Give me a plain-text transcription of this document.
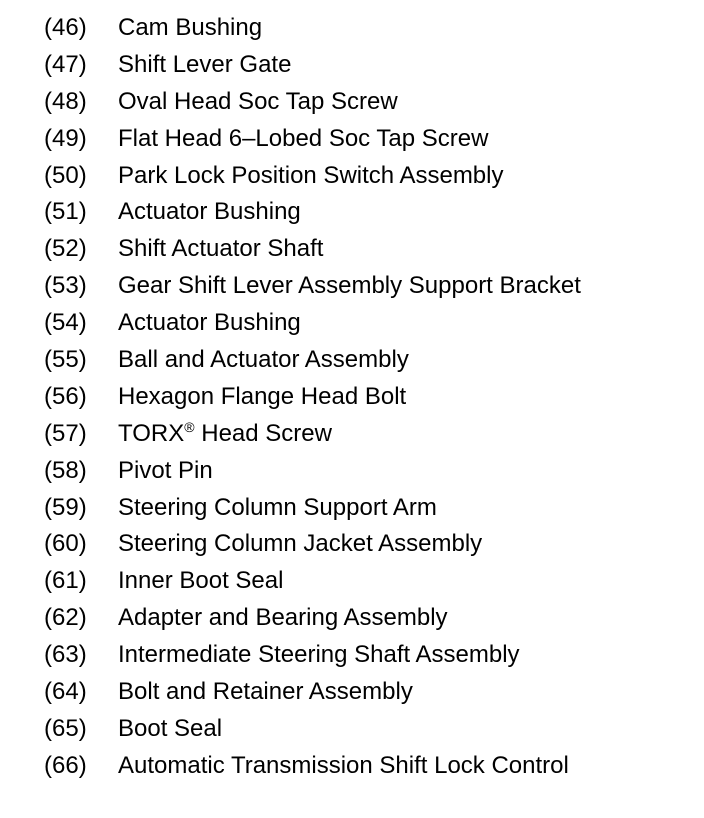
(46)	Cam Bushing
(47)	Shift Lever Gate
(48)	Oval Head Soc Tap Screw
(49)	Flat Head 6–Lobed Soc Tap Screw
(50)	Park Lock Position Switch Assembly
(51)	Actuator Bushing
(52)	Shift Actuator Shaft
(53)	Gear Shift Lever Assembly Support Bracket
(54)	Actuator Bushing
(55)	Ball and Actuator Assembly
(56)	Hexagon Flange Head Bolt
(57)	TORX® Head Screw
(58)	Pivot Pin
(59)	Steering Column Support Arm
(60)	Steering Column Jacket Assembly
(61)	Inner Boot Seal
(62)	Adapter and Bearing Assembly
(63)	Intermediate Steering Shaft Assembly
(64)	Bolt and Retainer Assembly
(65)	Boot Seal
(66)	Automatic Transmission Shift Lock Control
